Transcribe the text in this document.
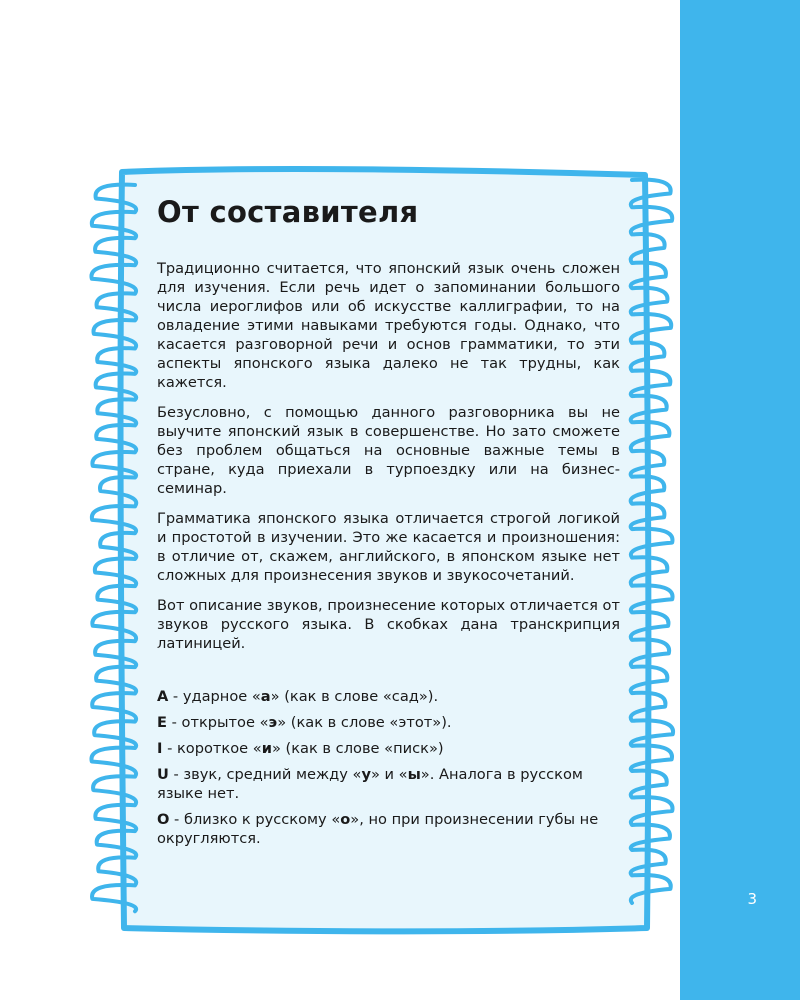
3
От составителя

Традиционно считается, что японский язык очень сложен для изучения. Если речь идет о запоминании большого числа иероглифов или об искусстве каллиграфии, то на овладение этими навыками требуются годы. Однако, что касается разговорной речи и основ грамматики, то эти аспекты японского языка далеко не так трудны, как кажется.

Безусловно, с помощью данного разговорника вы не выучите японский язык в совершенстве. Но зато сможете без проблем общаться на основные важные темы в стране, куда приехали в турпоездку или на бизнес-семинар.

Грамматика японского языка отличается строгой логикой и простотой в изучении. Это же касается и произношения: в отличие от, скажем, английского, в японском языке нет сложных для произнесения звуков и звукосочетаний.

Вот описание звуков, произнесение которых отличается от звуков русского языка. В скобках дана транскрипция латиницей.

A - ударное «а» (как в слове «сад»).

E - открытое «э» (как в слове «этот»).

I - короткое «и» (как в слове «писк»)

U - звук, средний между «у» и «ы». Аналога в русском языке нет.

O - близко к русскому «о», но при произнесении губы не округляются.
